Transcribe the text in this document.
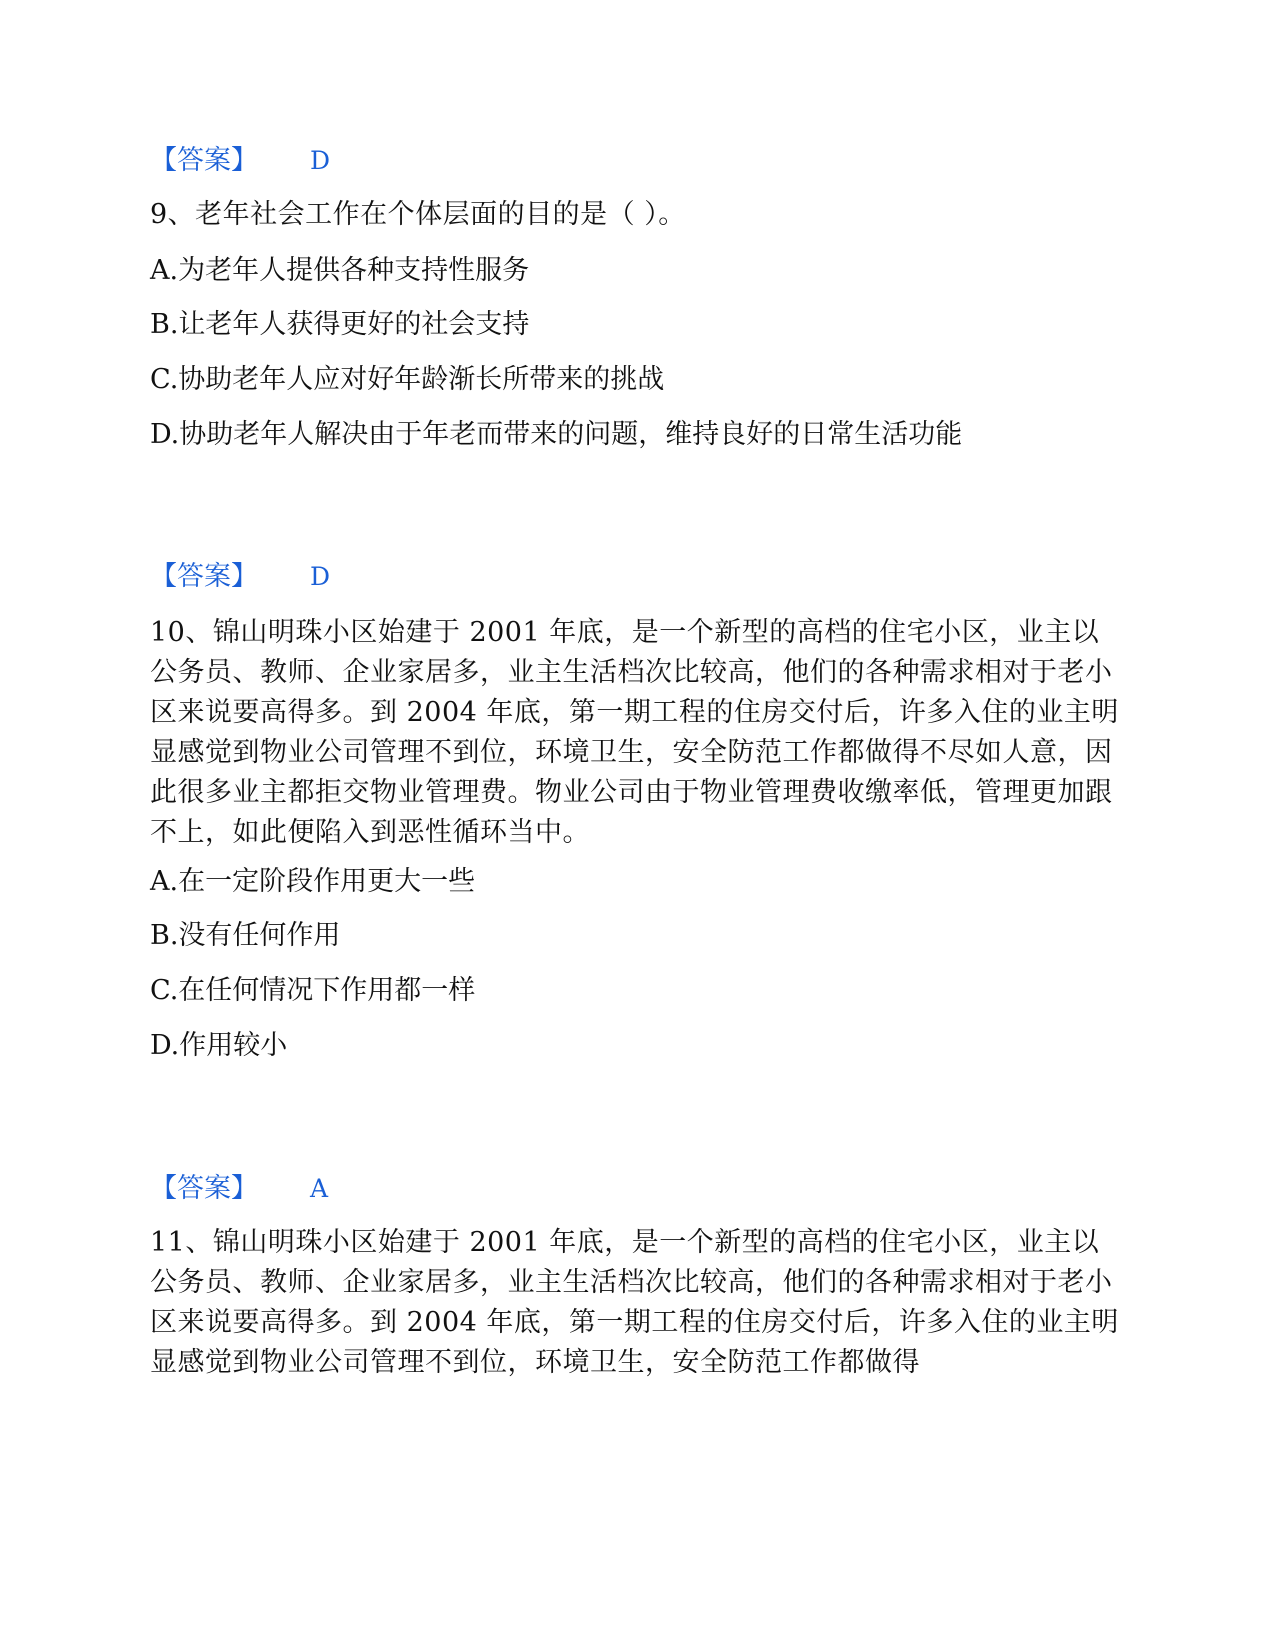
【答案】 D
9、老年社会工作在个体层面的目的是（ ）。
A.为老年人提供各种支持性服务
B.让老年人获得更好的社会支持
C.协助老年人应对好年龄渐长所带来的挑战
D.协助老年人解决由于年老而带来的问题，维持良好的日常生活功能
【答案】 D
10、锦山明珠小区始建于 2001 年底，是一个新型的高档的住宅小区，业主以公务员、教师、企业家居多，业主生活档次比较高，他们的各种需求相对于老小区来说要高得多。到 2004 年底，第一期工程的住房交付后，许多入住的业主明显感觉到物业公司管理不到位，环境卫生，安全防范工作都做得不尽如人意，因此很多业主都拒交物业管理费。物业公司由于物业管理费收缴率低，管理更加跟不上，如此便陷入到恶性循环当中。
A.在一定阶段作用更大一些
B.没有任何作用
C.在任何情况下作用都一样
D.作用较小
【答案】 A
11、锦山明珠小区始建于 2001 年底，是一个新型的高档的住宅小区，业主以公务员、教师、企业家居多，业主生活档次比较高，他们的各种需求相对于老小区来说要高得多。到 2004 年底，第一期工程的住房交付后，许多入住的业主明显感觉到物业公司管理不到位，环境卫生，安全防范工作都做得
